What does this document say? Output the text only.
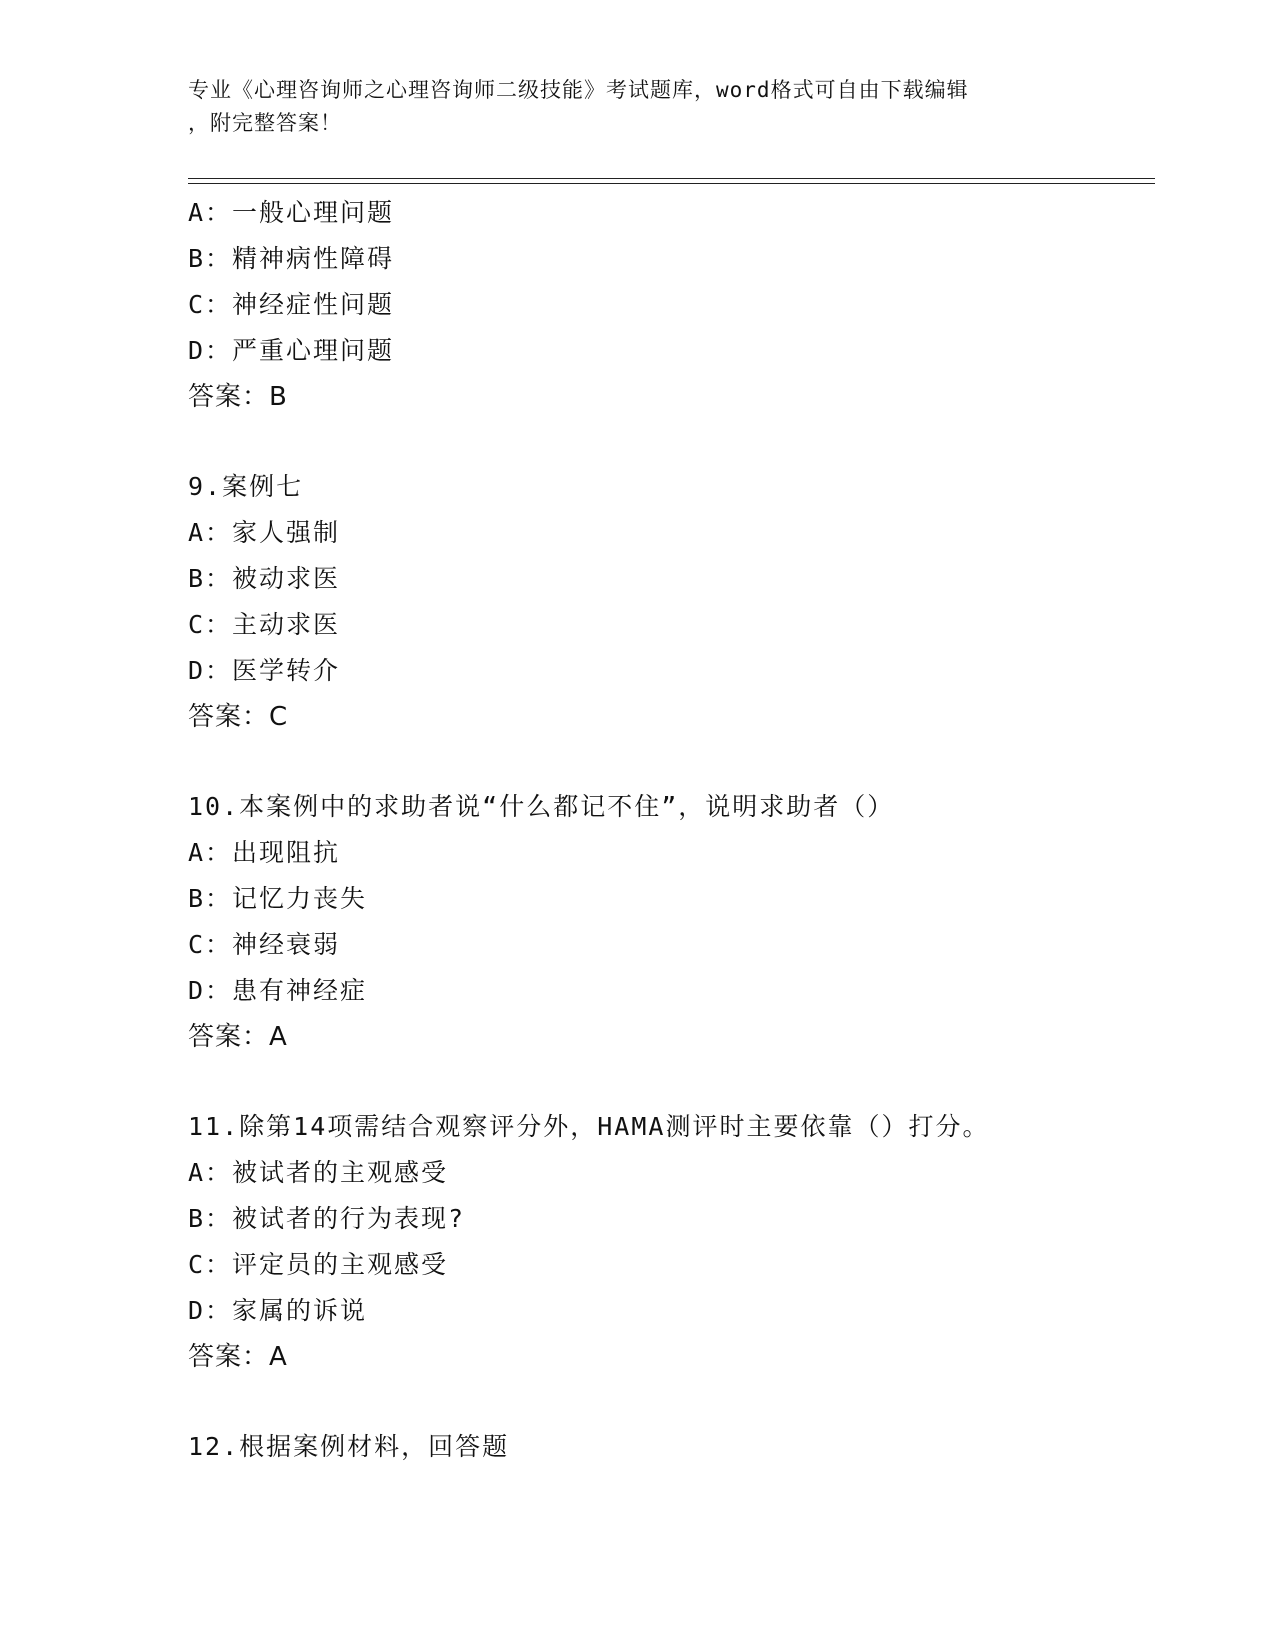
专业《心理咨询师之心理咨询师二级技能》考试题库，word格式可自由下载编辑
，附完整答案！
A：一般心理问题
B：精神病性障碍
C：神经症性问题
D：严重心理问题
答案：B
9.案例七
A：家人强制
B：被动求医
C：主动求医
D：医学转介
答案：C
10.本案例中的求助者说“什么都记不住”，说明求助者（）
A：出现阻抗
B：记忆力丧失
C：神经衰弱
D：患有神经症
答案：A
11.除第14项需结合观察评分外，HAMA测评时主要依靠（）打分。
A：被试者的主观感受
B：被试者的行为表现?
C：评定员的主观感受
D：家属的诉说
答案：A
12.根据案例材料，回答题
